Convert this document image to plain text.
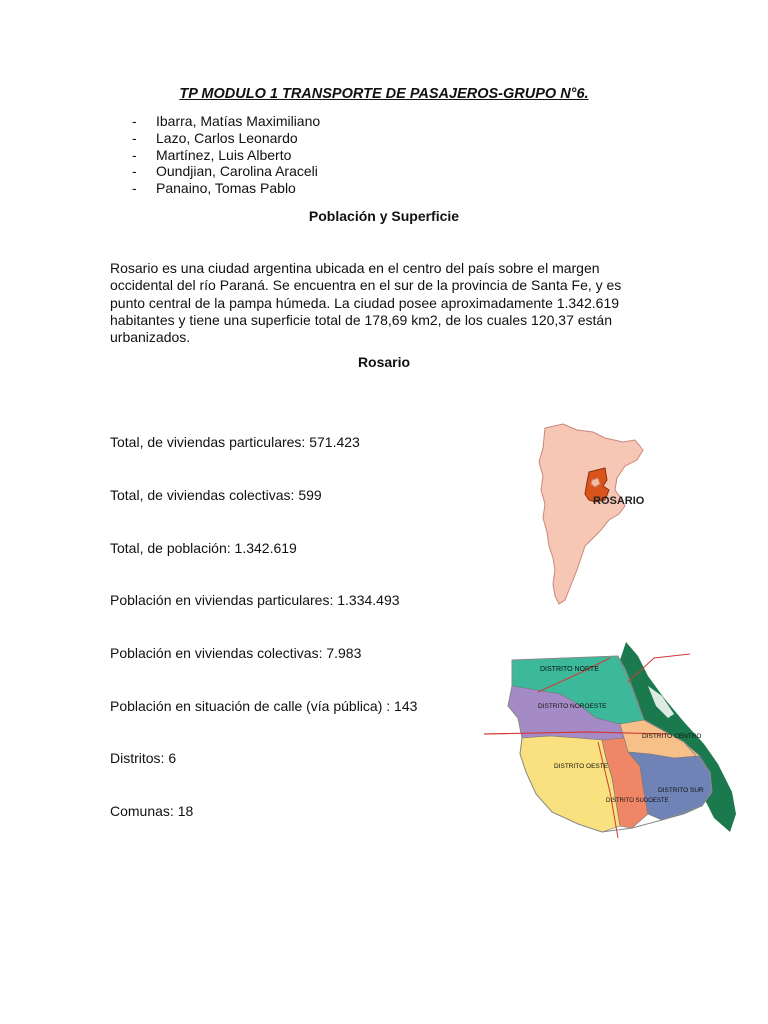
TP MODULO 1 TRANSPORTE DE PASAJEROS-GRUPO N°6.
- Ibarra, Matías Maximiliano
- Lazo, Carlos Leonardo
- Martínez, Luis Alberto
- Oundjian, Carolina Araceli
- Panaino, Tomas Pablo
Población y Superficie

Rosario es una ciudad argentina ubicada en el centro del país sobre el margen occidental del río Paraná. Se encuentra en el sur de la provincia de Santa Fe, y es punto central de la pampa húmeda. La ciudad posee aproximadamente 1.342.619 habitantes y tiene una superficie total de 178,69 km2, de los cuales 120,37 están urbanizados.

Rosario

Total, de viviendas particulares: 571.423

Total, de viviendas colectivas: 599

Total, de población: 1.342.619

Población en viviendas particulares: 1.334.493

Población en viviendas colectivas: 7.983

Población en situación de calle (vía pública) : 143

Distritos: 6

Comunas: 18

ROSARIO
DISTRITO NORTE
DISTRITO NOROESTE
DISTRITO CENTRO
DISTRITO OESTE
DISTRITO SUDOESTE
DISTRITO SUR
